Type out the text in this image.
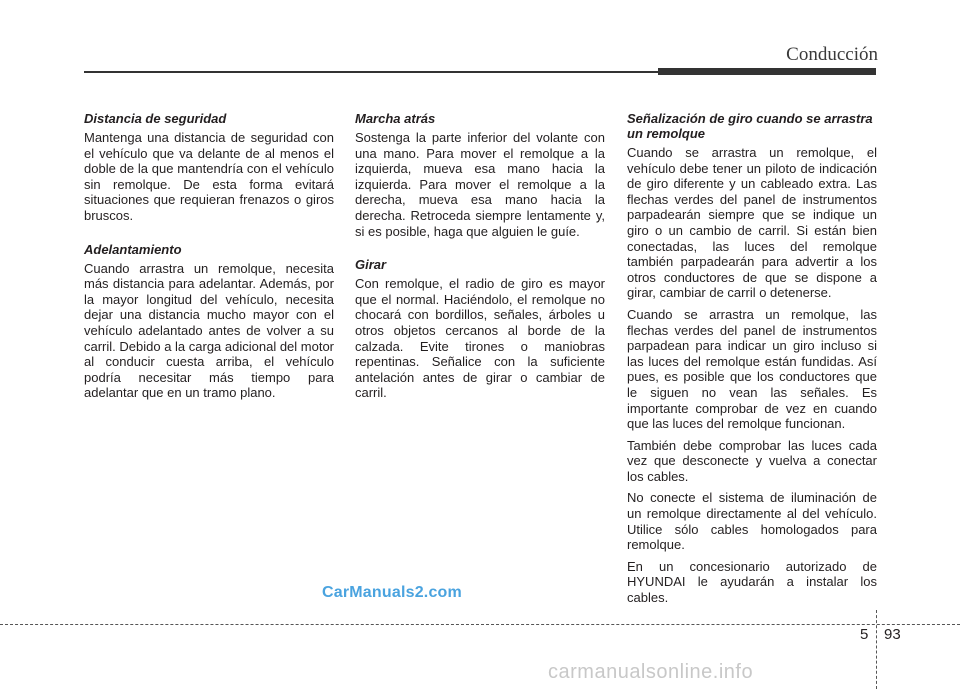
Conducción
Distancia de seguridad

Mantenga una distancia de seguridad con el vehículo que va delante de al menos el doble de la que mantendría con el vehículo sin remolque. De esta forma evitará situaciones que requieran frenazos o giros bruscos.

Adelantamiento

Cuando arrastra un remolque, necesita más distancia para adelantar. Además, por la mayor longitud del vehículo, necesita dejar una distancia mucho mayor con el vehículo adelantado antes de volver a su carril. Debido a la carga adicional del motor al conducir cuesta arriba, el vehículo podría necesitar más tiempo para adelantar que en un tramo plano.

Marcha atrás

Sostenga la parte inferior del volante con una mano. Para mover el remolque a la izquierda, mueva esa mano hacia la izquierda. Para mover el remolque a la derecha, mueva esa mano hacia la derecha. Retroceda siempre lentamente y, si es posible, haga que alguien le guíe.

Girar

Con remolque, el radio de giro es mayor que el normal. Haciéndolo, el remolque no chocará con bordillos, señales, árboles u otros objetos cercanos al borde de la calzada. Evite tirones o maniobras repentinas. Señalice con la suficiente antelación antes de girar o cambiar de carril.

Señalización de giro cuando se arrastra un remolque

Cuando se arrastra un remolque, el vehículo debe tener un piloto de indicación de giro diferente y un cableado extra. Las flechas verdes del panel de instrumentos parpadearán siempre que se indique un giro o un cambio de carril. Si están bien conectadas, las luces del remolque también parpadearán para advertir a los otros conductores de que se dispone a girar, cambiar de carril o detenerse.

Cuando se arrastra un remolque, las flechas verdes del panel de instrumentos parpadean para indicar un giro incluso si las luces del remolque están fundidas. Así pues, es posible que los conductores que le siguen no vean las señales. Es importante comprobar de vez en cuando que las luces del remolque funcionan.

También debe comprobar las luces cada vez que desconecte y vuelva a conectar los cables.

No conecte el sistema de iluminación de un remolque directamente al del vehículo. Utilice sólo cables homologados para remolque.

En un concesionario autorizado de HYUNDAI le ayudarán a instalar los cables.

CarManuals2.com
5 93
carmanualsonline.info
